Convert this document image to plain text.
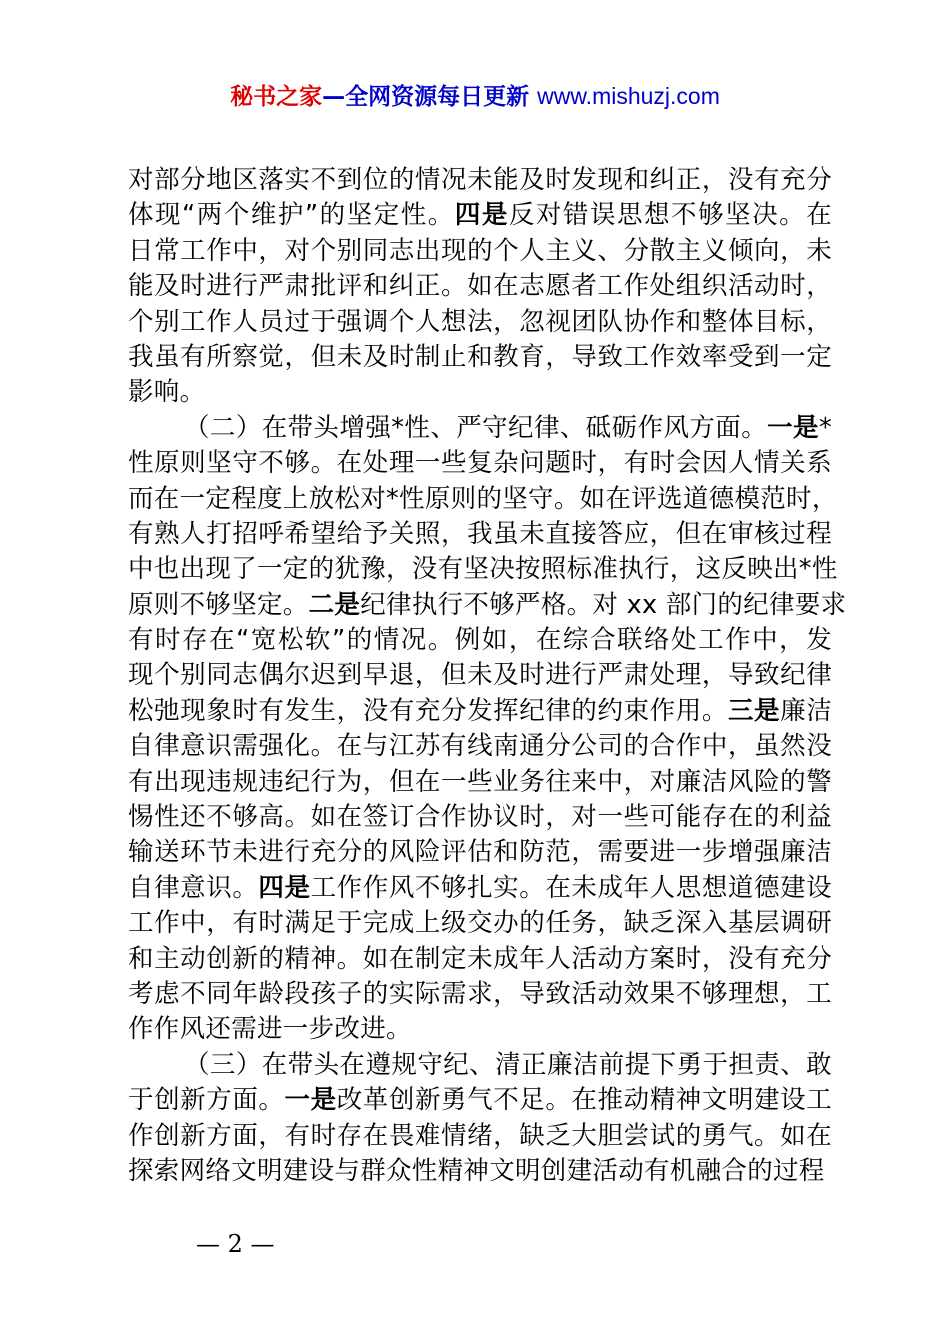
秘书之家—全网资源每日更新 www.mishuzj.com
对部分地区落实不到位的情况未能及时发现和纠正，没有充分
体现“两个维护”的坚定性。四是反对错误思想不够坚决。在
日常工作中，对个别同志出现的个人主义、分散主义倾向，未
能及时进行严肃批评和纠正。如在志愿者工作处组织活动时，
个别工作人员过于强调个人想法，忽视团队协作和整体目标，
我虽有所察觉，但未及时制止和教育，导致工作效率受到一定
影响。
（二）在带头增强*性、严守纪律、砥砺作风方面。一是*
性原则坚守不够。在处理一些复杂问题时，有时会因人情关系
而在一定程度上放松对*性原则的坚守。如在评选道德模范时，
有熟人打招呼希望给予关照，我虽未直接答应，但在审核过程
中也出现了一定的犹豫，没有坚决按照标准执行，这反映出*性
原则不够坚定。二是纪律执行不够严格。对 xx 部门的纪律要求
有时存在“宽松软”的情况。例如，在综合联络处工作中，发
现个别同志偶尔迟到早退，但未及时进行严肃处理，导致纪律
松弛现象时有发生，没有充分发挥纪律的约束作用。三是廉洁
自律意识需强化。在与江苏有线南通分公司的合作中，虽然没
有出现违规违纪行为，但在一些业务往来中，对廉洁风险的警
惕性还不够高。如在签订合作协议时，对一些可能存在的利益
输送环节未进行充分的风险评估和防范，需要进一步增强廉洁
自律意识。四是工作作风不够扎实。在未成年人思想道德建设
工作中，有时满足于完成上级交办的任务，缺乏深入基层调研
和主动创新的精神。如在制定未成年人活动方案时，没有充分
考虑不同年龄段孩子的实际需求，导致活动效果不够理想，工
作作风还需进一步改进。
（三）在带头在遵规守纪、清正廉洁前提下勇于担责、敢
于创新方面。一是改革创新勇气不足。在推动精神文明建设工
作创新方面，有时存在畏难情绪，缺乏大胆尝试的勇气。如在
探索网络文明建设与群众性精神文明创建活动有机融合的过程
— 2 —
